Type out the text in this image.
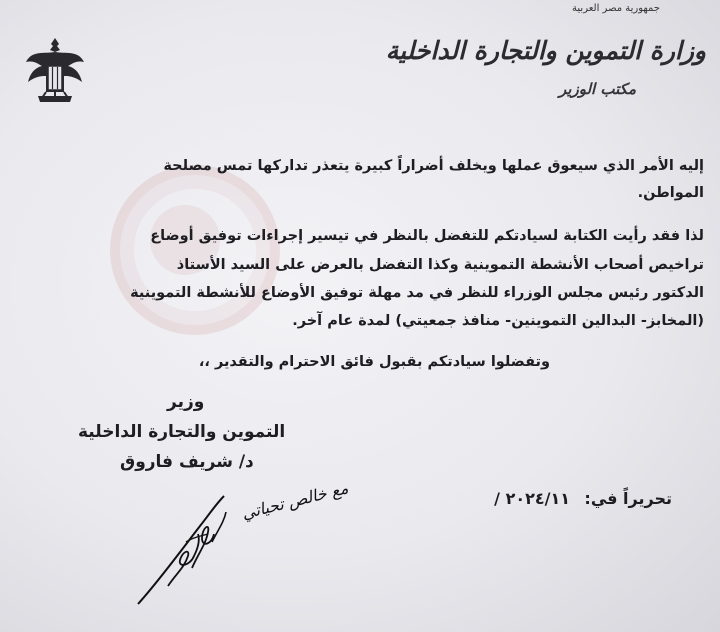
جمهورية مصر العربية
وزارة التموين والتجارة الداخلية
مكتب الوزير
إليه الأمر الذي سيعوق عملها ويخلف أضراراً كبيرة يتعذر تداركها تمس مصلحة
المواطن.
لذا فقد رأيت الكتابة لسيادتكم للتفضل بالنظر في تيسير إجراءات توفيق أوضاع
تراخيص أصحاب الأنشطة التموينية وكذا التفضل بالعرض على السيد الأستاذ
الدكتور رئيس مجلس الوزراء للنظر في مد مهلة توفيق الأوضاع للأنشطة التموينية
(المخابز- البدالين التموينين- منافذ جمعيتي) لمدة عام آخر.
وتفضلوا سيادتكم بقبول فائق الاحترام والتقدير ،،
وزير
التموين والتجارة الداخلية
د/ شريف فاروق
تحريراً في:
/ ٢٠٢٤/١١
مع خالص تحياتي
